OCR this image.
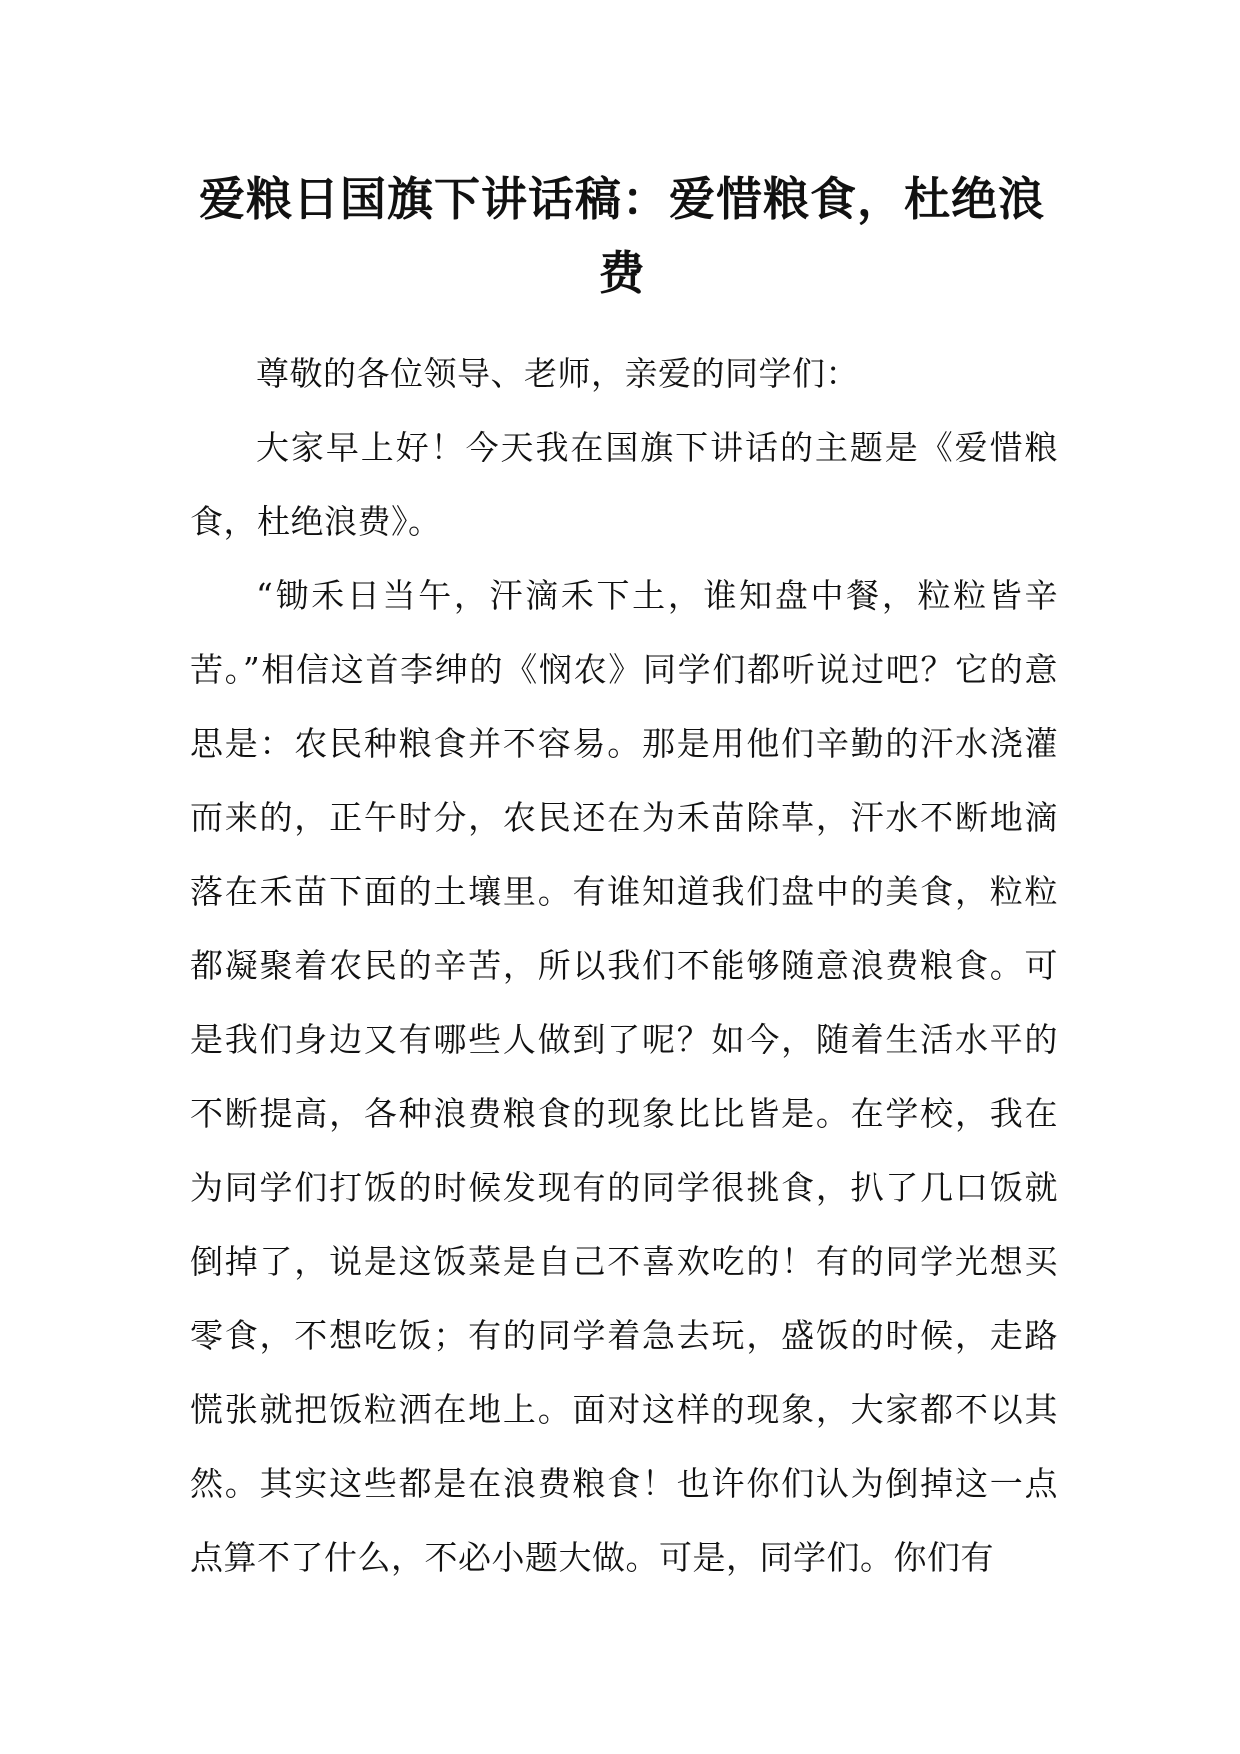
爱粮日国旗下讲话稿：爱惜粮食，杜绝浪费

尊敬的各位领导、老师，亲爱的同学们：

大家早上好！今天我在国旗下讲话的主题是《爱惜粮食，杜绝浪费》。

“锄禾日当午，汗滴禾下土，谁知盘中餐，粒粒皆辛苦。”相信这首李绅的《悯农》同学们都听说过吧？它的意思是：农民种粮食并不容易。那是用他们辛勤的汗水浇灌而来的，正午时分，农民还在为禾苗除草，汗水不断地滴落在禾苗下面的土壤里。有谁知道我们盘中的美食，粒粒都凝聚着农民的辛苦，所以我们不能够随意浪费粮食。可是我们身边又有哪些人做到了呢？如今，随着生活水平的不断提高，各种浪费粮食的现象比比皆是。在学校，我在为同学们打饭的时候发现有的同学很挑食，扒了几口饭就倒掉了，说是这饭菜是自己不喜欢吃的！有的同学光想买零食，不想吃饭；有的同学着急去玩，盛饭的时候，走路慌张就把饭粒洒在地上。面对这样的现象，大家都不以其然。其实这些都是在浪费粮食！也许你们认为倒掉这一点点算不了什么，不必小题大做。可是，同学们。你们有
